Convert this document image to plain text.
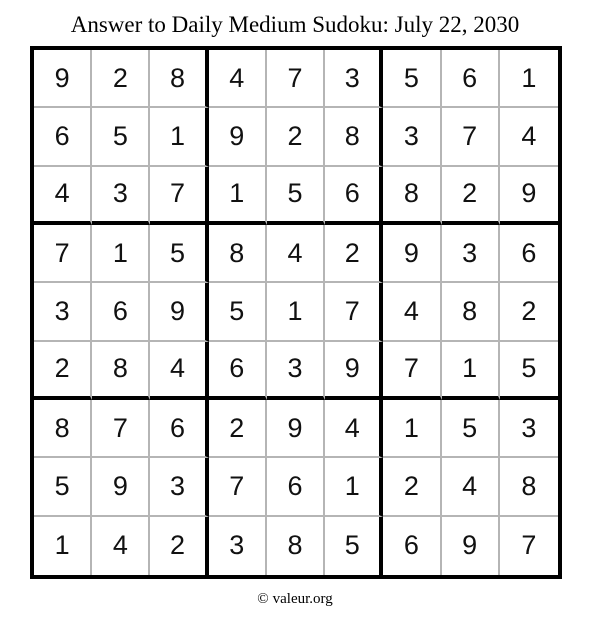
Answer to Daily Medium Sudoku: July 22, 2030
9	2	8	4	7	3	5	6	1
6	5	1	9	2	8	3	7	4
4	3	7	1	5	6	8	2	9
7	1	5	8	4	2	9	3	6
3	6	9	5	1	7	4	8	2
2	8	4	6	3	9	7	1	5
8	7	6	2	9	4	1	5	3
5	9	3	7	6	1	2	4	8
1	4	2	3	8	5	6	9	7
© valeur.org
